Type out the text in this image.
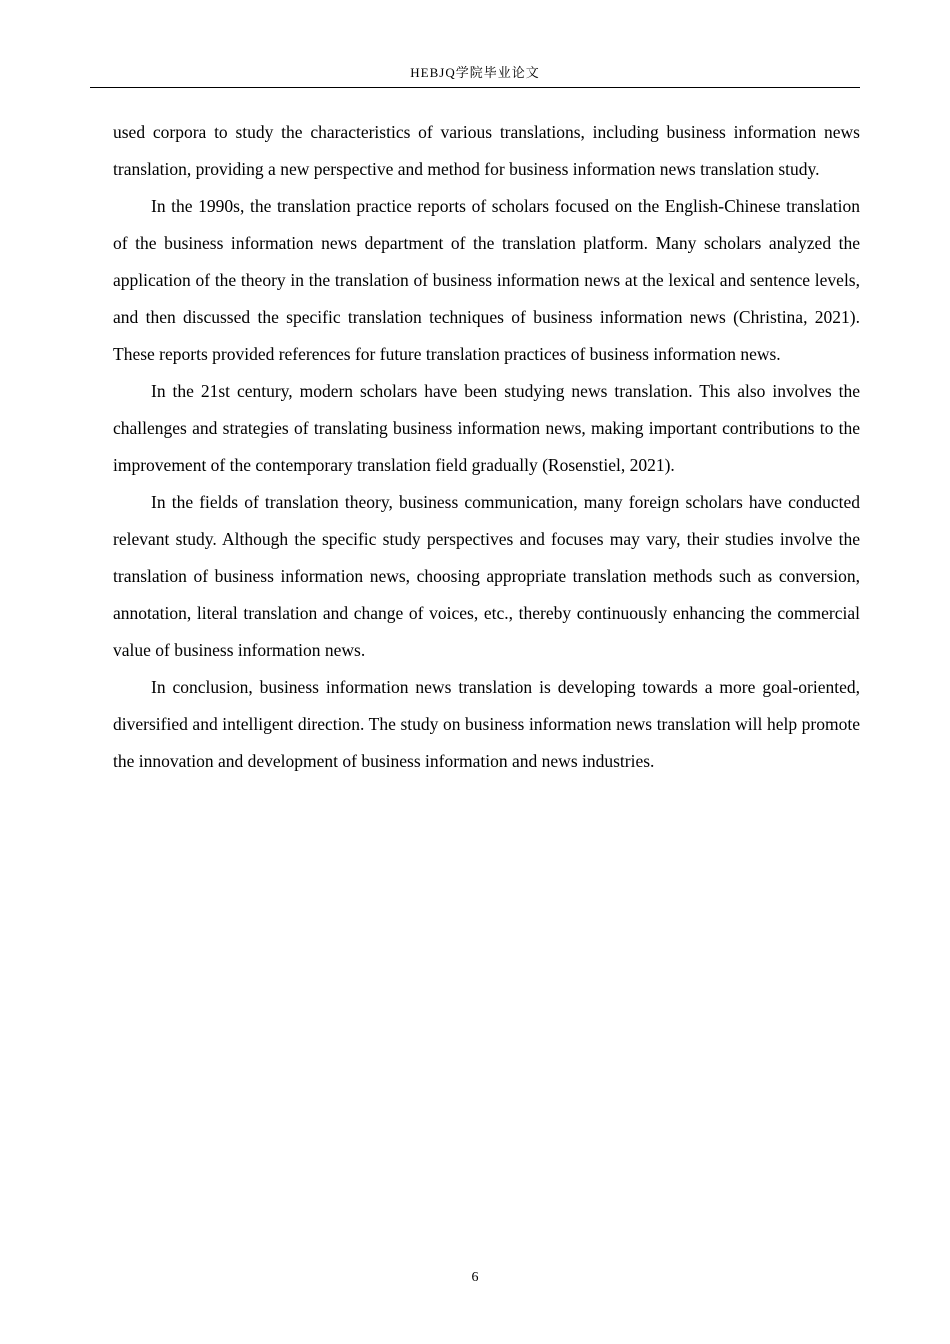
HEBJQ学院毕业论文

used corpora to study the characteristics of various translations, including business information news translation, providing a new perspective and method for business information news translation study.

In the 1990s, the translation practice reports of scholars focused on the English-Chinese translation of the business information news department of the translation platform. Many scholars analyzed the application of the theory in the translation of business information news at the lexical and sentence levels, and then discussed the specific translation techniques of business information news (Christina, 2021). These reports provided references for future translation practices of business information news.

In the 21st century, modern scholars have been studying news translation. This also involves the challenges and strategies of translating business information news, making important contributions to the improvement of the contemporary translation field gradually (Rosenstiel, 2021).

In the fields of translation theory, business communication, many foreign scholars have conducted relevant study. Although the specific study perspectives and focuses may vary, their studies involve the translation of business information news, choosing appropriate translation methods such as conversion, annotation, literal translation and change of voices, etc., thereby continuously enhancing the commercial value of business information news.

In conclusion, business information news translation is developing towards a more goal-oriented, diversified and intelligent direction. The study on business information news translation will help promote the innovation and development of business information and news industries.

6
